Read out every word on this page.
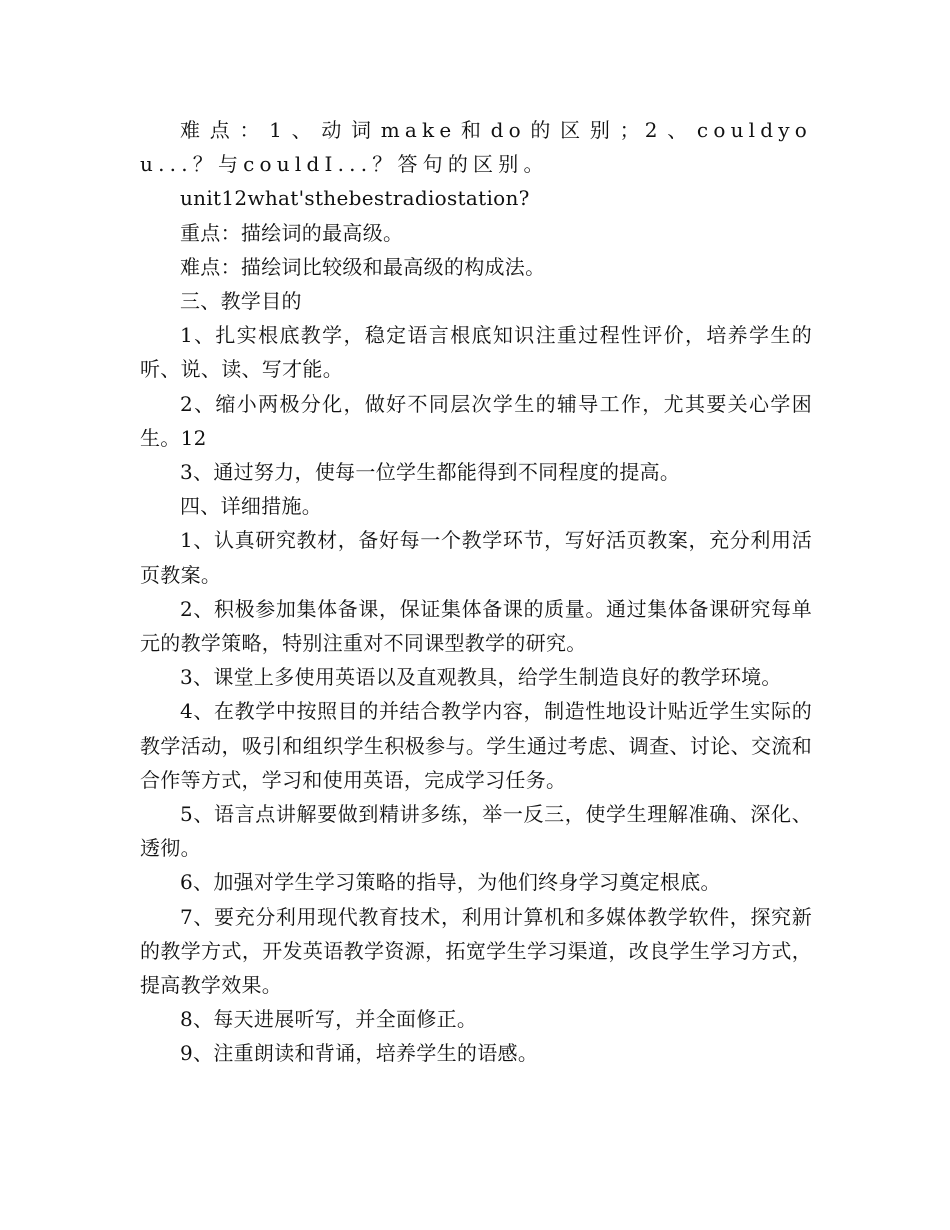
难点：1、动词make和do的区别；2、couldyou...？与couldI...？答句的区别。

unit12what'sthebestradiostation?

重点：描绘词的最高级。

难点：描绘词比较级和最高级的构成法。

三、教学目的

1、扎实根底教学，稳定语言根底知识注重过程性评价，培养学生的听、说、读、写才能。

2、缩小两极分化，做好不同层次学生的辅导工作，尤其要关心学困生。12

3、通过努力，使每一位学生都能得到不同程度的提高。

四、详细措施。

1、认真研究教材，备好每一个教学环节，写好活页教案，充分利用活页教案。

2、积极参加集体备课，保证集体备课的质量。通过集体备课研究每单元的教学策略，特别注重对不同课型教学的研究。

3、课堂上多使用英语以及直观教具，给学生制造良好的教学环境。

4、在教学中按照目的并结合教学内容，制造性地设计贴近学生实际的教学活动，吸引和组织学生积极参与。学生通过考虑、调查、讨论、交流和合作等方式，学习和使用英语，完成学习任务。

5、语言点讲解要做到精讲多练，举一反三，使学生理解准确、深化、透彻。

6、加强对学生学习策略的指导，为他们终身学习奠定根底。

7、要充分利用现代教育技术，利用计算机和多媒体教学软件，探究新的教学方式，开发英语教学资源，拓宽学生学习渠道，改良学生学习方式，提高教学效果。

8、每天进展听写，并全面修正。

9、注重朗读和背诵，培养学生的语感。
